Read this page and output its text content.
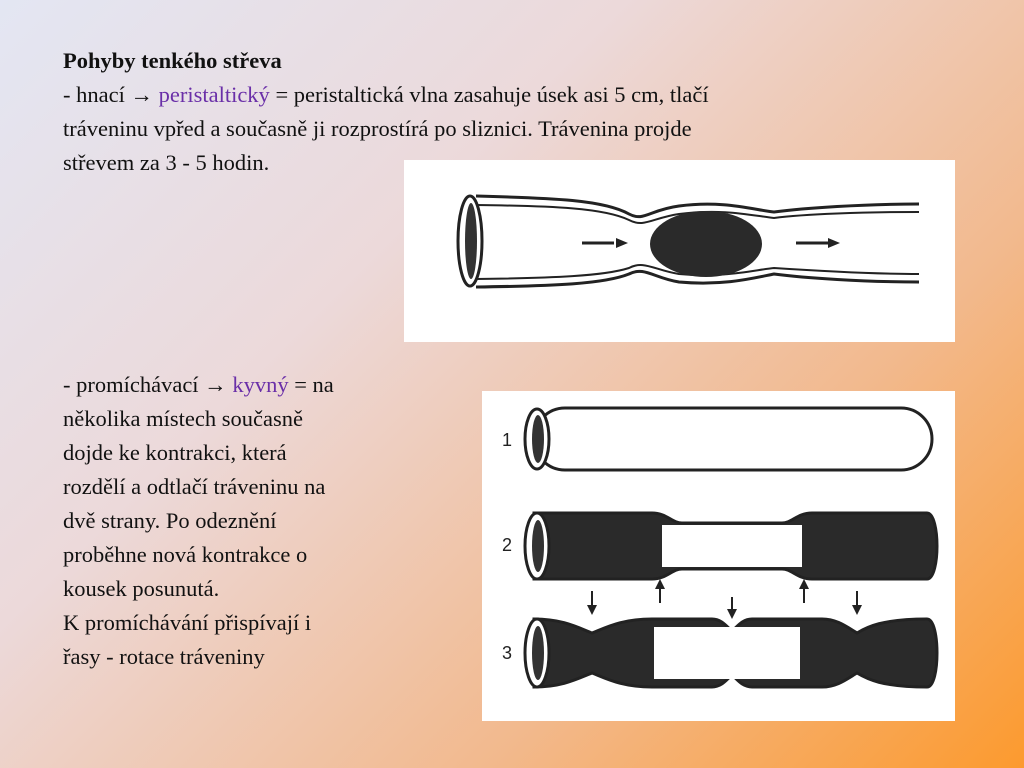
Pohyby tenkého střeva

- hnací → peristaltický = peristaltická vlna zasahuje úsek asi 5 cm, tlačí

tráveninu vpřed a současně ji rozprostírá po sliznici. Trávenina projde

střevem za 3 - 5 hodin.

- promíchávací → kyvný = na

několika místech současně

dojde ke kontrakci, která

rozdělí a odtlačí tráveninu na

dvě strany. Po odeznění

proběhne nová kontrakce o

kousek posunutá.

K promíchávání přispívají i

řasy - rotace tráveniny

1
2
3
